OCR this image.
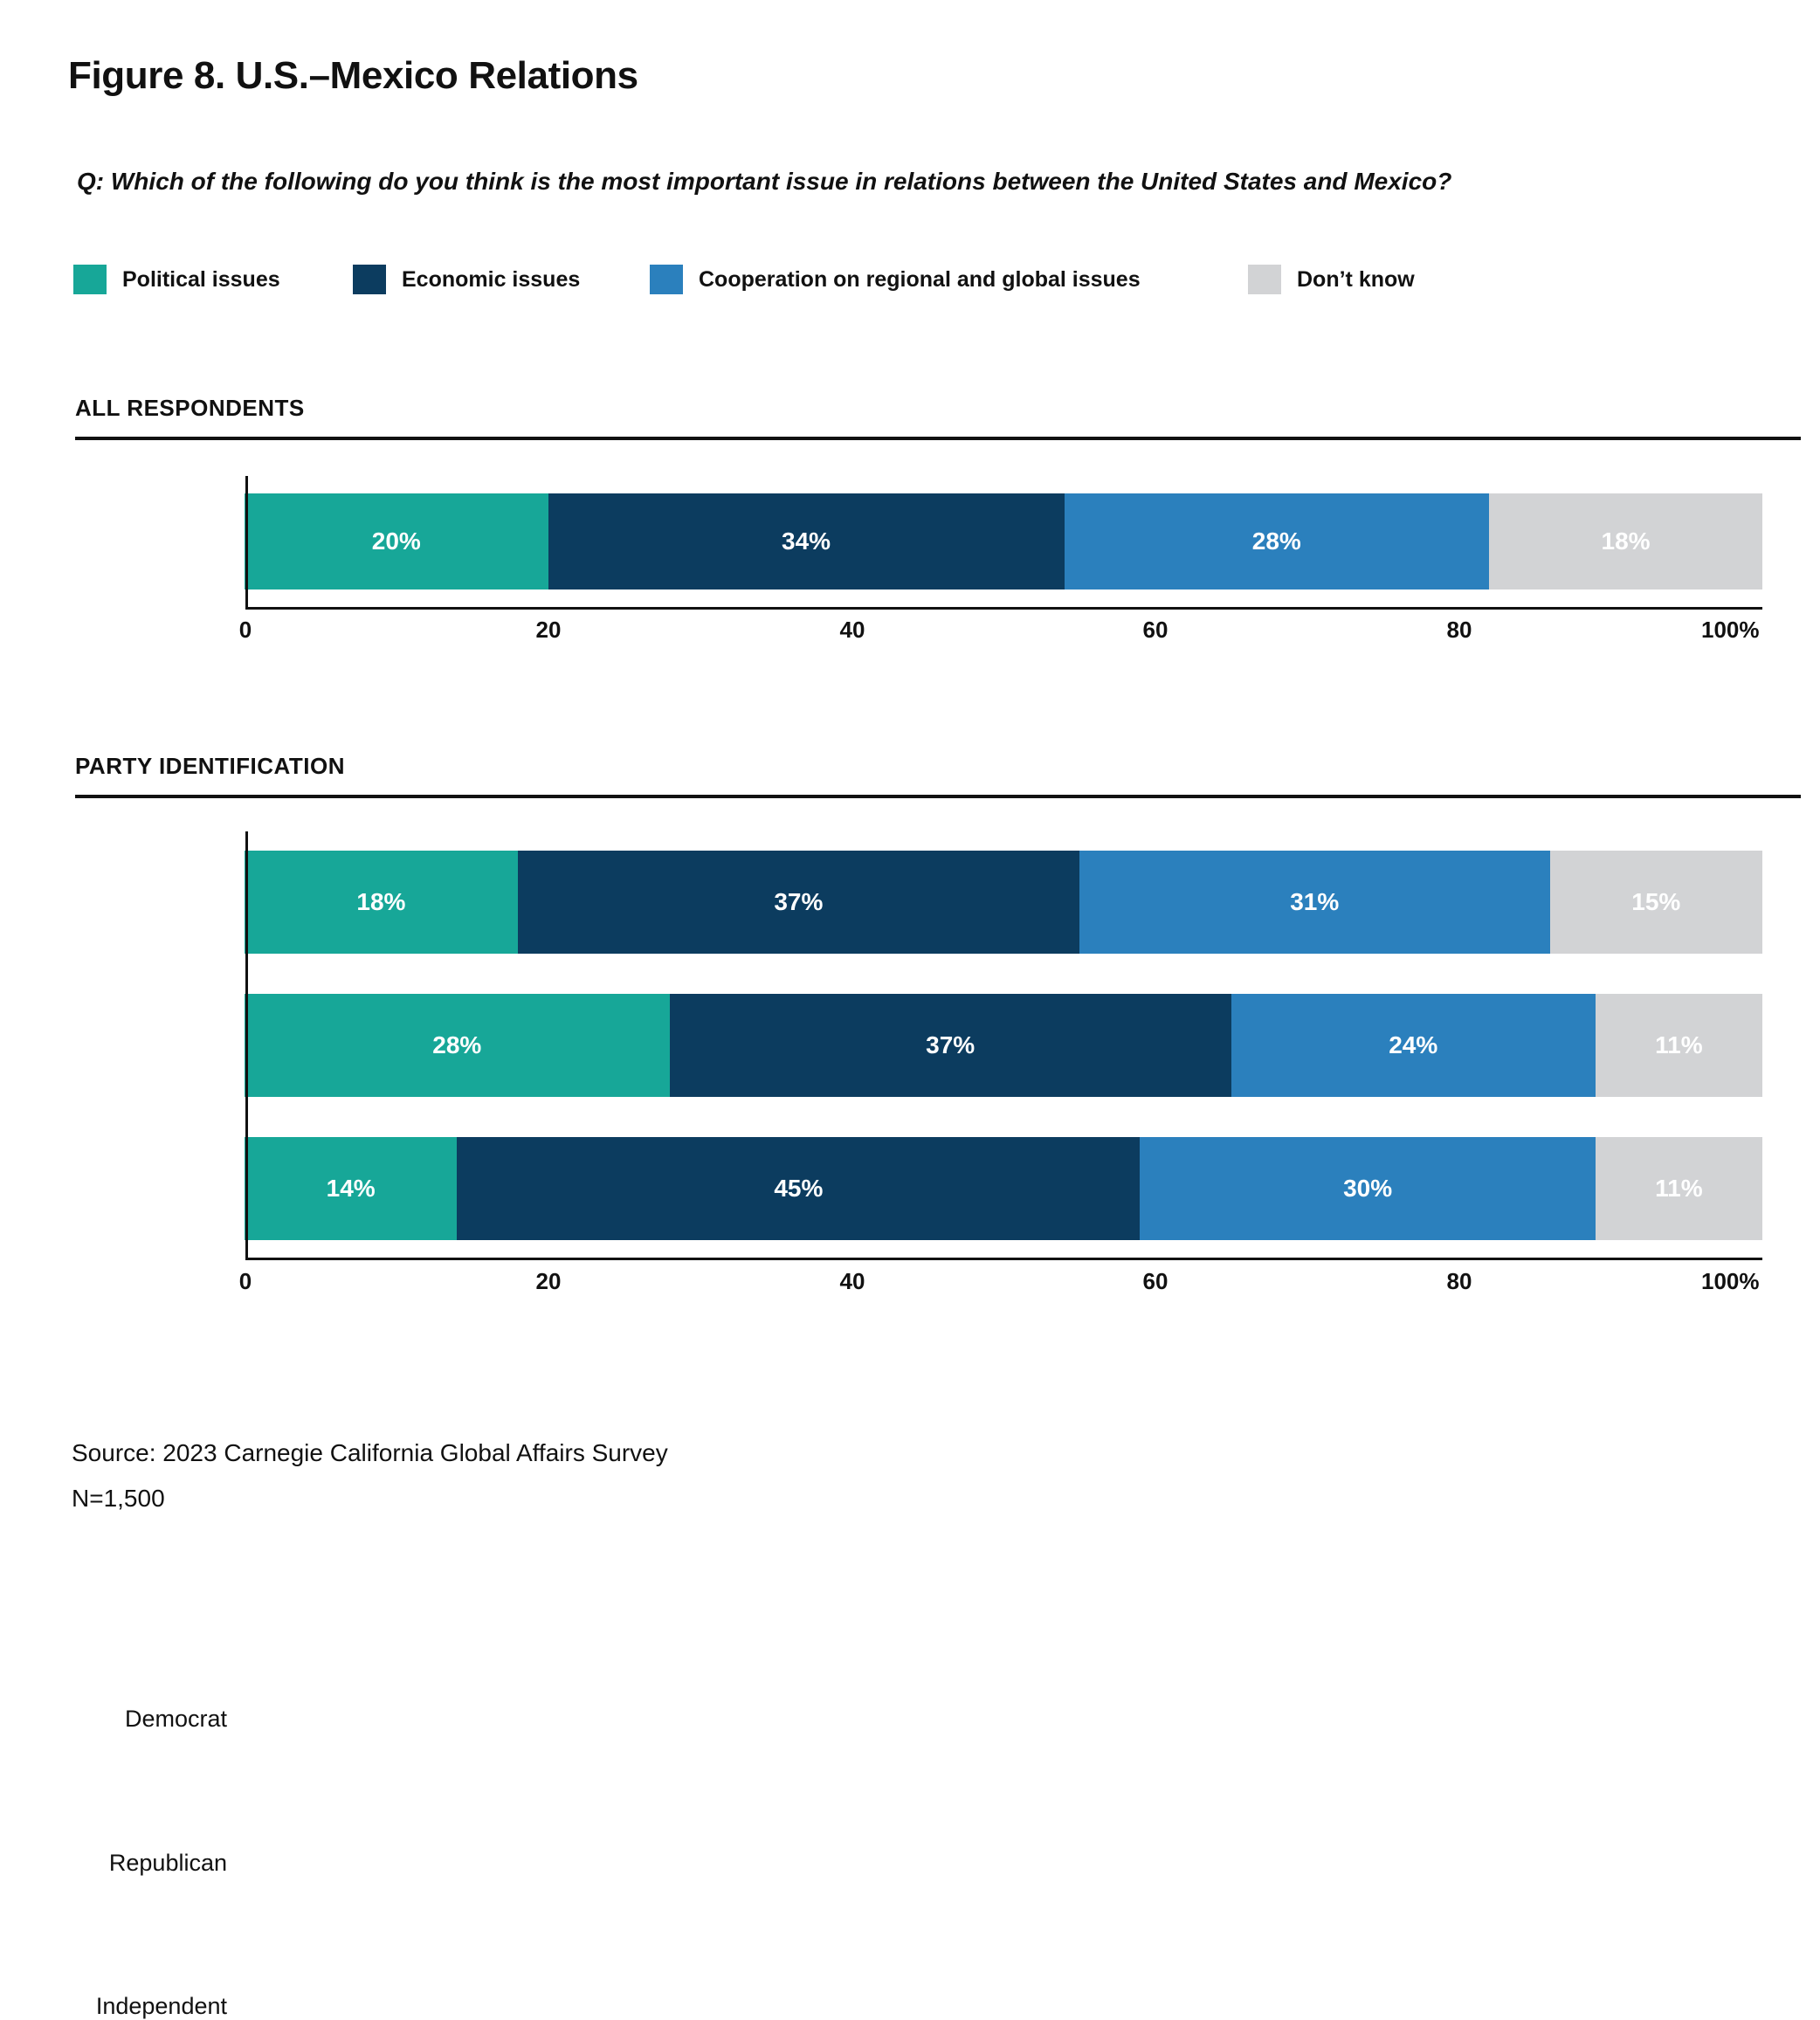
Figure 8. U.S.–Mexico Relations
Q: Which of the following do you think is the most important issue in relations between the United States and Mexico?
Political issues	Economic issues	Cooperation on regional and global issues	Don’t know
ALL RESPONDENTS
20%	34%	28%	18%
0	20	40	60	80	100%
PARTY IDENTIFICATION
Democrat
18%	37%	31%	15%
Republican
28%	37%	24%	11%
Independent
14%	45%	30%	11%
0	20	40	60	80	100%
Source: 2023 Carnegie California Global Affairs Survey
N=1,500
